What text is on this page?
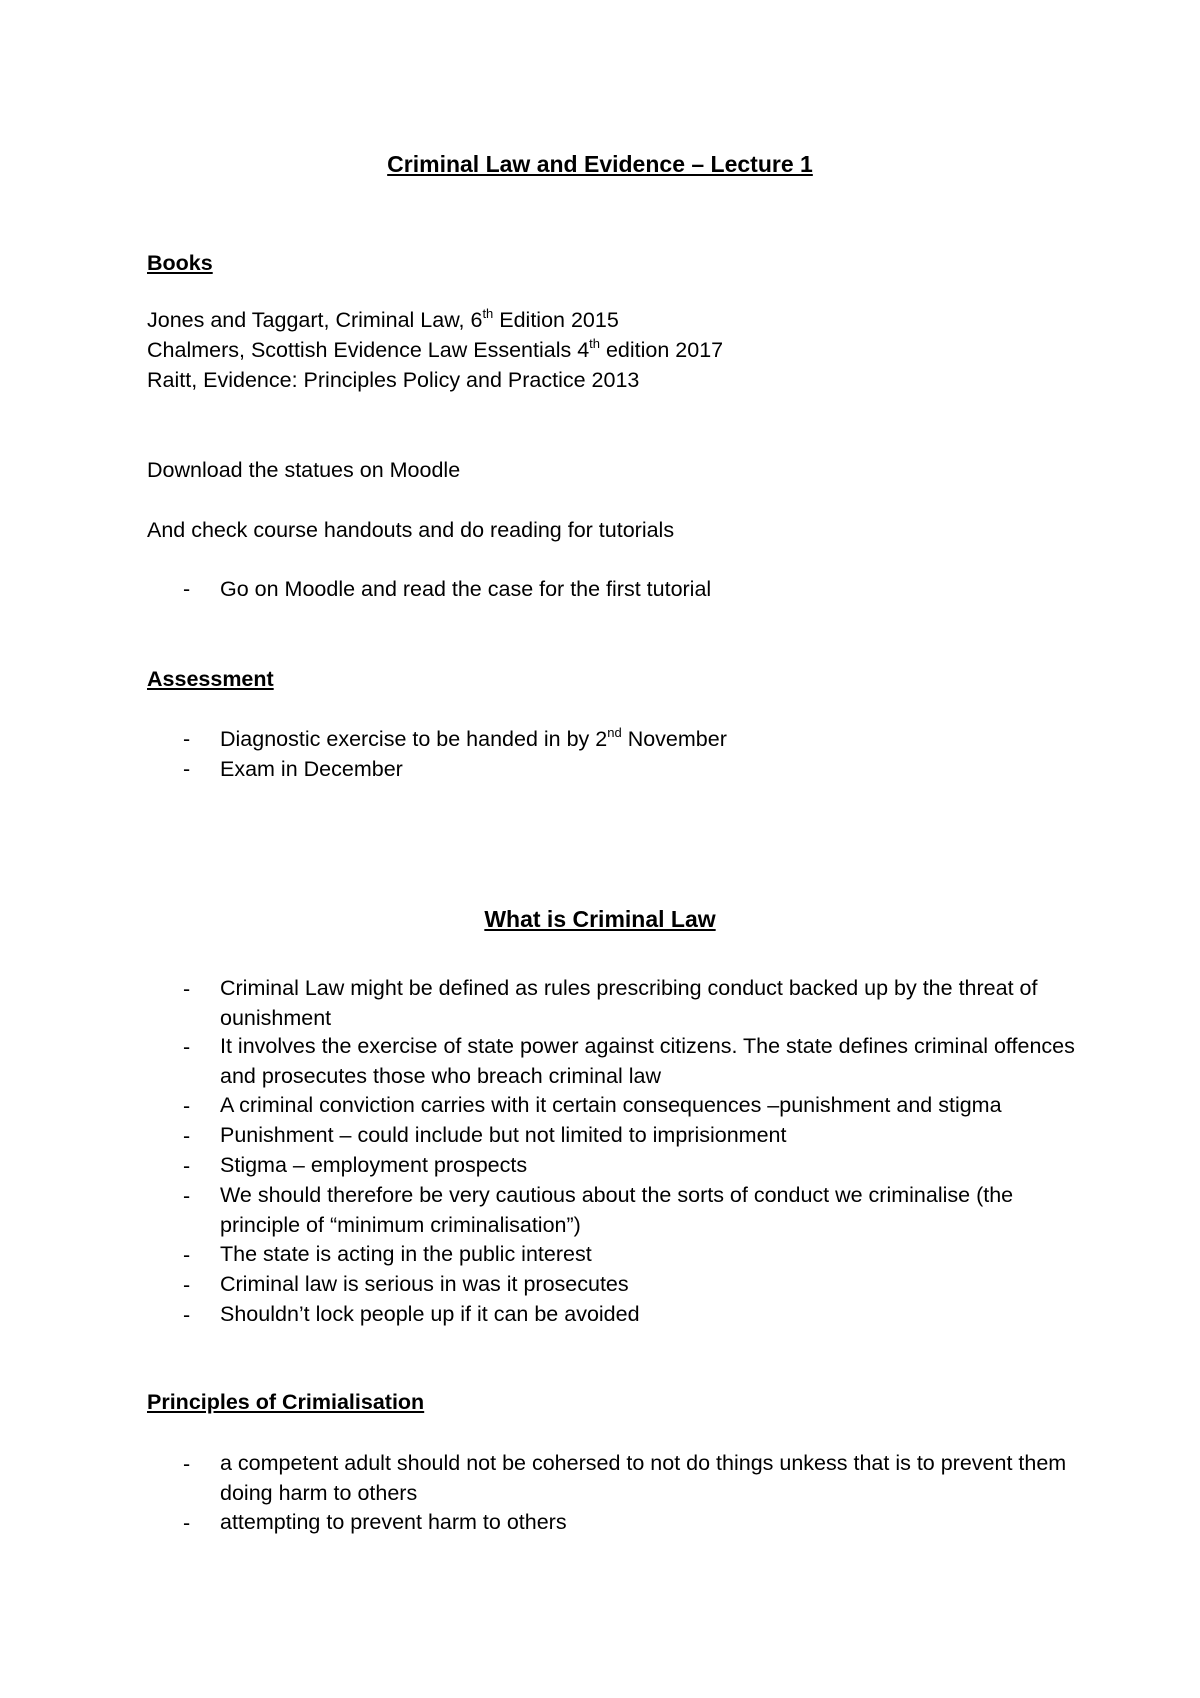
Criminal Law and Evidence – Lecture 1
Books
Jones and Taggart, Criminal Law, 6th Edition 2015
Chalmers, Scottish Evidence Law Essentials 4th edition 2017
Raitt, Evidence: Principles Policy and Practice 2013
Download the statues on Moodle
And check course handouts and do reading for tutorials
- Go on Moodle and read the case for the first tutorial
Assessment
- Diagnostic exercise to be handed in by 2nd November
- Exam in December
What is Criminal Law
- Criminal Law might be defined as rules prescribing conduct backed up by the threat of ounishment
- It involves the exercise of state power against citizens. The state defines criminal offences and prosecutes those who breach criminal law
- A criminal conviction carries with it certain consequences –punishment and stigma
- Punishment – could include but not limited to imprisionment
- Stigma – employment prospects
- We should therefore be very cautious about the sorts of conduct we criminalise (the principle of “minimum criminalisation”)
- The state is acting in the public interest
- Criminal law is serious in was it prosecutes
- Shouldn’t lock people up if it can be avoided
Principles of Crimialisation
- a competent adult should not be cohersed to not do things unkess that is to prevent them doing harm to others
- attempting to prevent harm to others
